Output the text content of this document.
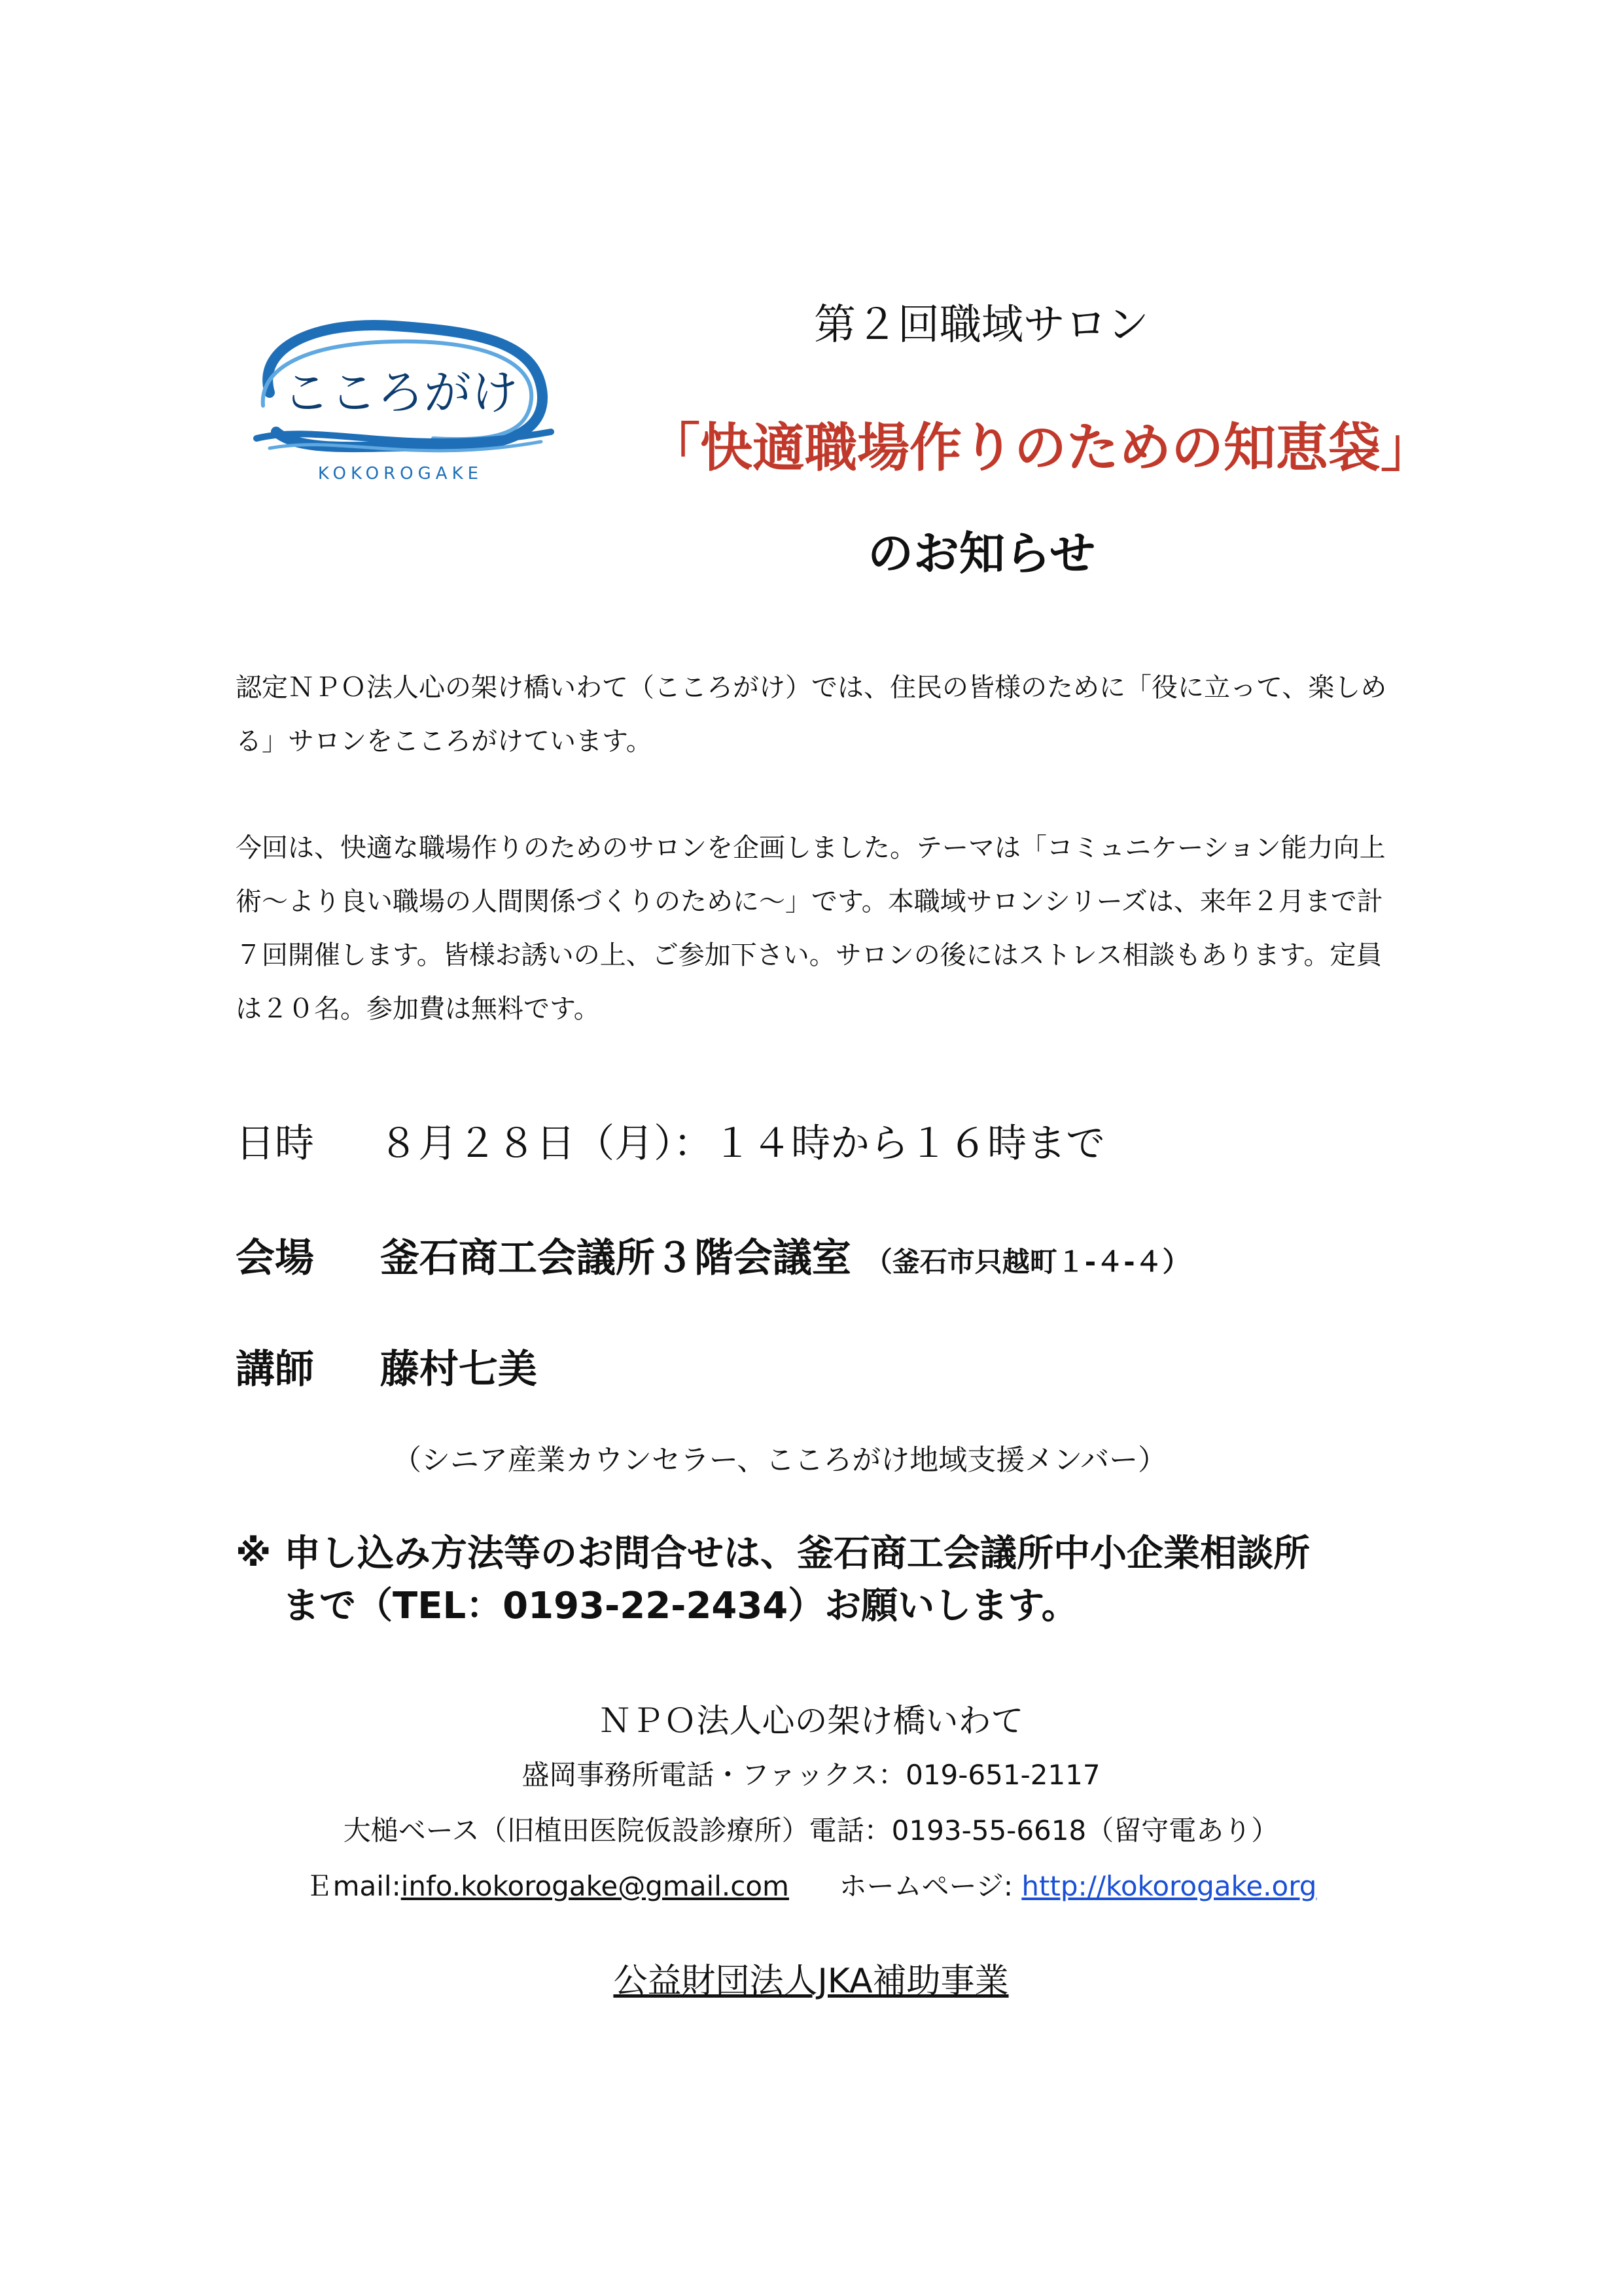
こころがけ
KOKOROGAKE
第２回職域サロン
「快適職場作りのための知恵袋」
のお知らせ
認定ＮＰＯ法人心の架け橋いわて（こころがけ）では、住民の皆様のために「役に立って、楽しめる」サロンをこころがけています。
今回は、快適な職場作りのためのサロンを企画しました。テーマは「コミュニケーション能力向上術～より良い職場の人間関係づくりのために～」です。本職域サロンシリーズは、来年２月まで計７回開催します。皆様お誘いの上、ご参加下さい。サロンの後にはストレス相談もあります。定員は２０名。参加費は無料です。
日時 ８月２８日（月）：１４時から１６時まで
会場 釜石商工会議所３階会議室 （釜石市只越町１-４-４）
講師 藤村七美
（シニア産業カウンセラー、こころがけ地域支援メンバー）
※ 申し込み方法等のお問合せは、釜石商工会議所中小企業相談所
まで（TEL：0193-22-2434）お願いします。
ＮＰＯ法人心の架け橋いわて
盛岡事務所電話・ファックス：019-651-2117
大槌ベース（旧植田医院仮設診療所）電話：0193-55-6618（留守電あり）
Ｅmail:info.kokorogake@gmail.com ホームページ: http://kokorogake.org
公益財団法人JKA補助事業
